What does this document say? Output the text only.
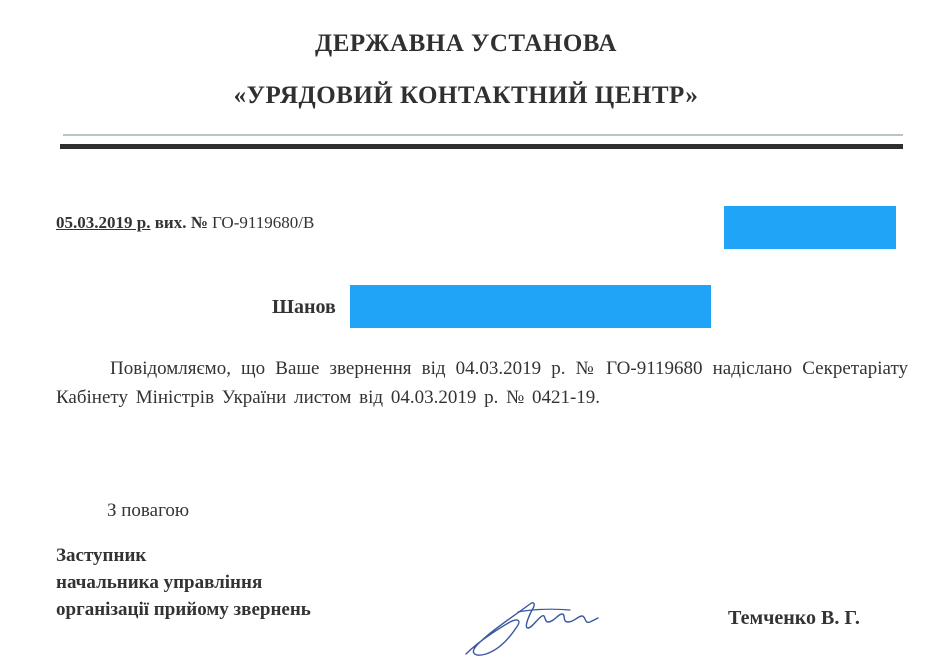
ДЕРЖАВНА УСТАНОВА
«УРЯДОВИЙ КОНТАКТНИЙ ЦЕНТР»
05.03.2019 р. вих. № ГО-9119680/В
Шанов
Повідомляємо, що Ваше звернення від 04.03.2019 р. № ГО-9119680 надіслано Секретаріату Кабінету Міністрів України листом від 04.03.2019 р. № 0421-19.
З повагою
Заступник
начальника управління
організації прийому звернень	Темченко В. Г.
